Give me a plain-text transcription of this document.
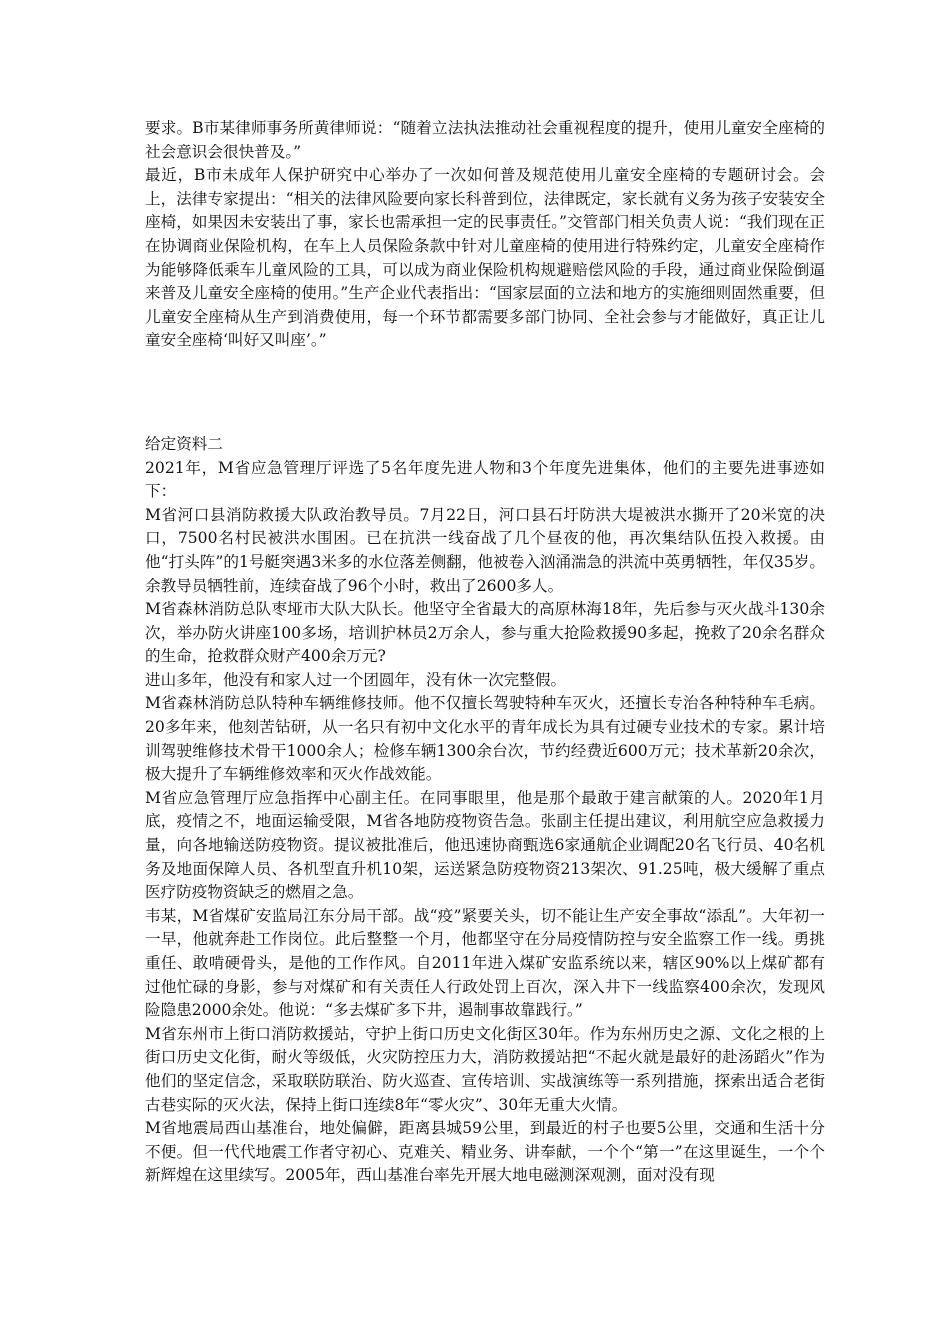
要求。B市某律师事务所黄律师说：“随着立法执法推动社会重视程度的提升，使用儿童安全座椅的社会意识会很快普及。”

最近，B市未成年人保护研究中心举办了一次如何普及规范使用儿童安全座椅的专题研讨会。会上，法律专家提出：“相关的法律风险要向家长科普到位，法律既定，家长就有义务为孩子安装安全座椅，如果因未安装出了事，家长也需承担一定的民事责任。”交管部门相关负责人说：“我们现在正在协调商业保险机构，在车上人员保险条款中针对儿童座椅的使用进行特殊约定，儿童安全座椅作为能够降低乘车儿童风险的工具，可以成为商业保险机构规避赔偿风险的手段，通过商业保险倒逼来普及儿童安全座椅的使用。”生产企业代表指出：“国家层面的立法和地方的实施细则固然重要，但儿童安全座椅从生产到消费使用，每一个环节都需要多部门协同、全社会参与才能做好，真正让儿童安全座椅‘叫好又叫座’。”

给定资料二

2021年，M省应急管理厅评选了5名年度先进人物和3个年度先进集体，他们的主要先进事迹如下：

M省河口县消防救援大队政治教导员。7月22日，河口县石圩防洪大堤被洪水撕开了20米宽的决口，7500名村民被洪水围困。已在抗洪一线奋战了几个昼夜的他，再次集结队伍投入救援。由他“打头阵”的1号艇突遇3米多的水位落差侧翻，他被卷入汹涌湍急的洪流中英勇牺牲，年仅35岁。余教导员牺牲前，连续奋战了96个小时，救出了2600多人。

M省森林消防总队枣垭市大队大队长。他坚守全省最大的高原林海18年，先后参与灭火战斗130余次，举办防火讲座100多场，培训护林员2万余人，参与重大抢险救援90多起，挽救了20余名群众的生命，抢救群众财产400余万元?

进山多年，他没有和家人过一个团圆年，没有休一次完整假。

M省森林消防总队特种车辆维修技师。他不仅擅长驾驶特种车灭火，还擅长专治各种特种车毛病。20多年来，他刻苦钻研，从一名只有初中文化水平的青年成长为具有过硬专业技术的专家。累计培训驾驶维修技术骨干1000余人；检修车辆1300余台次，节约经费近600万元；技术革新20余次，极大提升了车辆维修效率和灭火作战效能。

M省应急管理厅应急指挥中心副主任。在同事眼里，他是那个最敢于建言献策的人。2020年1月底，疫情之不，地面运输受限，M省各地防疫物资告急。张副主任提出建议，利用航空应急救援力量，向各地输送防疫物资。提议被批准后，他迅速协商甄选6家通航企业调配20名飞行员、40名机务及地面保障人员、各机型直升机10架，运送紧急防疫物资213架次、91.25吨，极大缓解了重点医疗防疫物资缺乏的燃眉之急。

韦某，M省煤矿安监局江东分局干部。战“疫”紧要关头，切不能让生产安全事故“添乱”。大年初一一早，他就奔赴工作岗位。此后整整一个月，他都坚守在分局疫情防控与安全监察工作一线。勇挑重任、敢啃硬骨头，是他的工作作风。自2011年进入煤矿安监系统以来，辖区90%以上煤矿都有过他忙碌的身影，参与对煤矿和有关责任人行政处罚上百次，深入井下一线监察400余次，发现风险隐患2000余处。他说：“多去煤矿多下井，遏制事故靠践行。”

M省东州市上街口消防救援站，守护上街口历史文化街区30年。作为东州历史之源、文化之根的上街口历史文化街，耐火等级低，火灾防控压力大，消防救援站把“不起火就是最好的赴汤蹈火”作为他们的坚定信念，采取联防联治、防火巡查、宣传培训、实战演练等一系列措施，探索出适合老街古巷实际的灭火法，保持上街口连续8年“零火灾”、30年无重大火情。

M省地震局西山基准台，地处偏僻，距离县城59公里，到最近的村子也要5公里，交通和生活十分不便。但一代代地震工作者守初心、克难关、精业务、讲奉献，一个个“第一”在这里诞生，一个个新辉煌在这里续写。2005年，西山基准台率先开展大地电磁测深观测，面对没有现
